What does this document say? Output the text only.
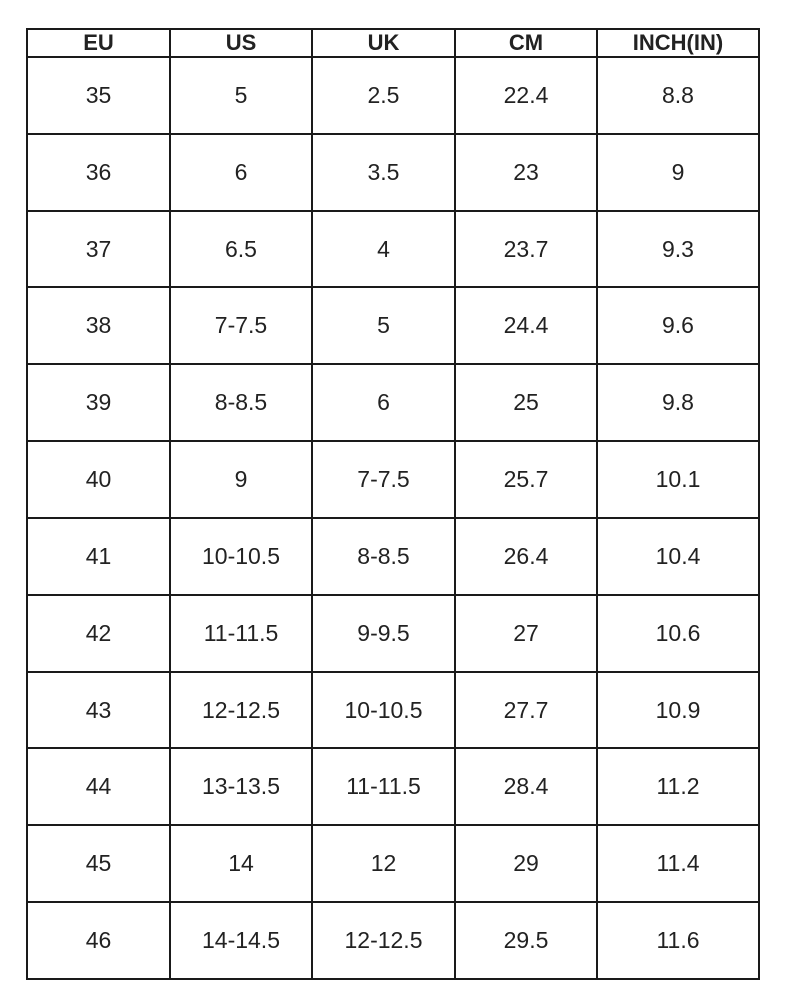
EU	US	UK	CM	INCH(IN)
35	5	2.5	22.4	8.8
36	6	3.5	23	9
37	6.5	4	23.7	9.3
38	7-7.5	5	24.4	9.6
39	8-8.5	6	25	9.8
40	9	7-7.5	25.7	10.1
41	10-10.5	8-8.5	26.4	10.4
42	11-11.5	9-9.5	27	10.6
43	12-12.5	10-10.5	27.7	10.9
44	13-13.5	11-11.5	28.4	11.2
45	14	12	29	11.4
46	14-14.5	12-12.5	29.5	11.6
